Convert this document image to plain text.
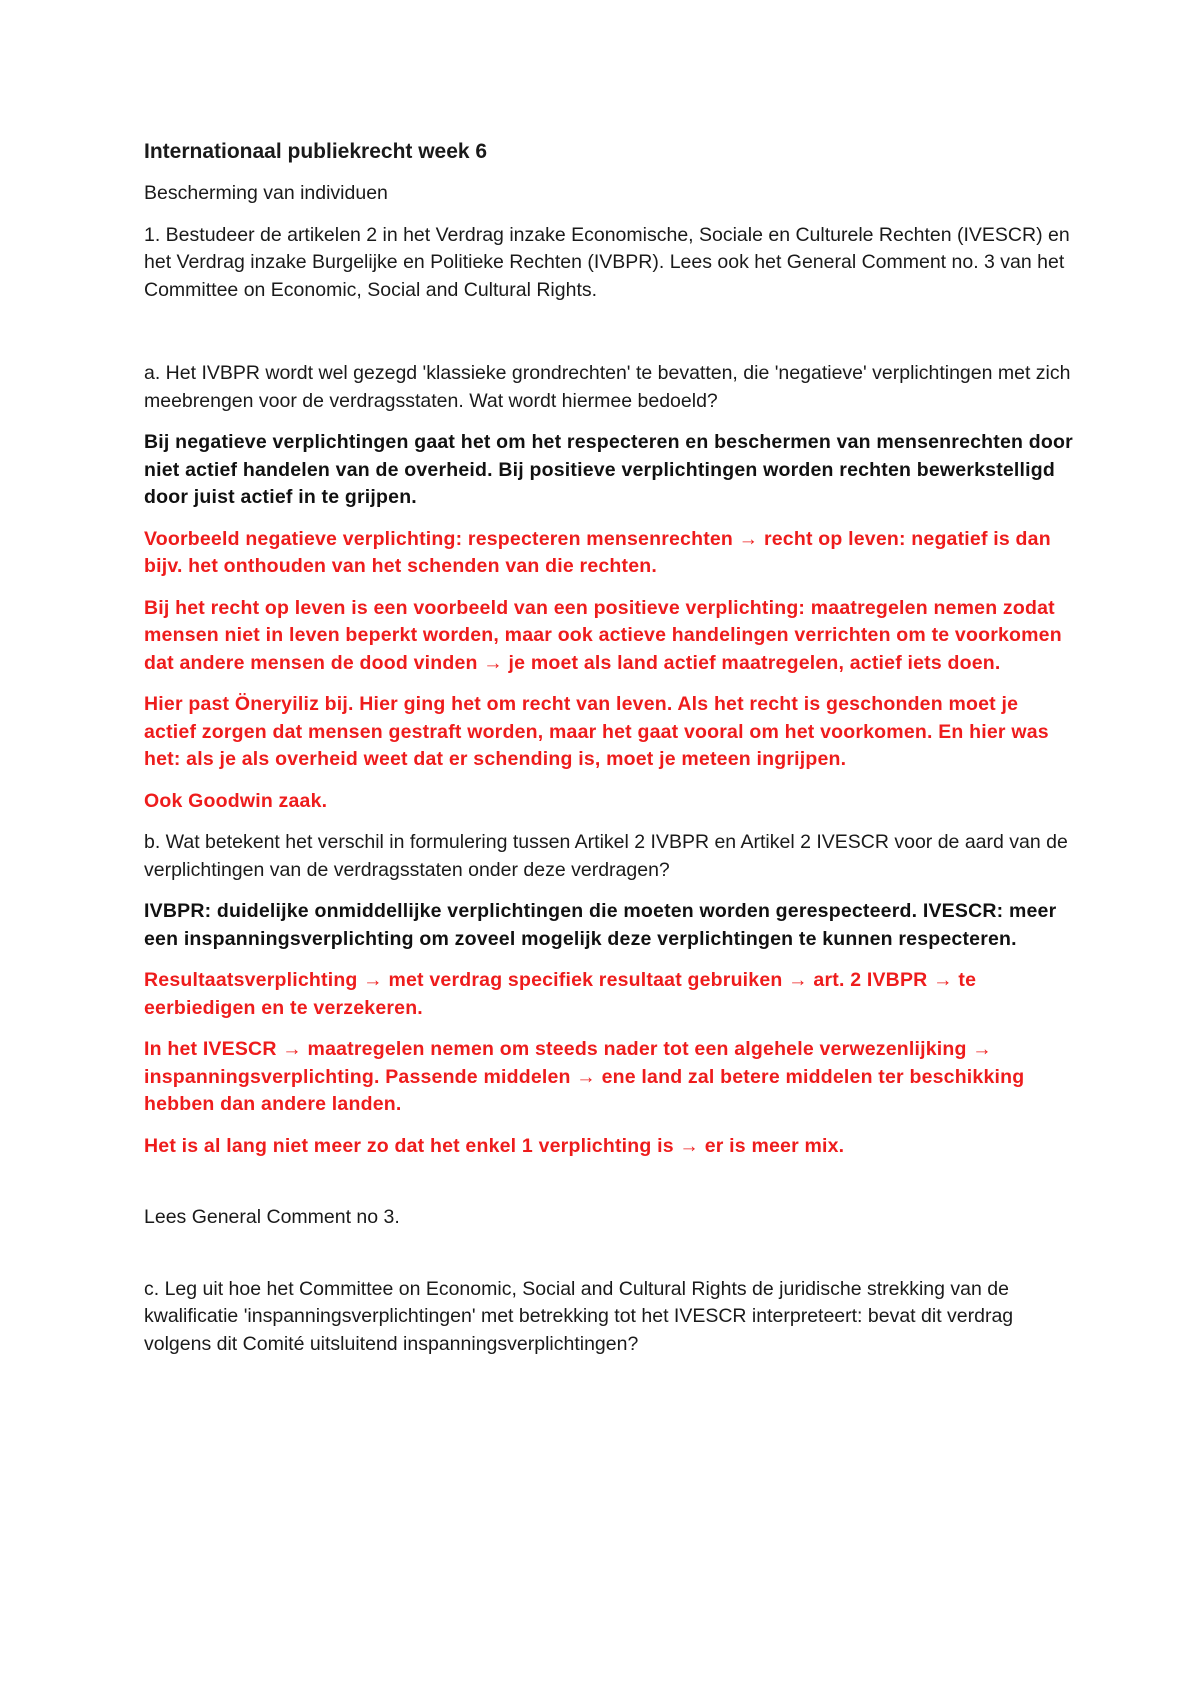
Internationaal publiekrecht week 6

Bescherming van individuen

1. Bestudeer de artikelen 2 in het Verdrag inzake Economische, Sociale en Culturele Rechten (IVESCR) en het Verdrag inzake Burgelijke en Politieke Rechten (IVBPR). Lees ook het General Comment no. 3 van het Committee on Economic, Social and Cultural Rights.

a. Het IVBPR wordt wel gezegd 'klassieke grondrechten' te bevatten, die 'negatieve' verplichtingen met zich meebrengen voor de verdragsstaten. Wat wordt hiermee bedoeld?

Bij negatieve verplichtingen gaat het om het respecteren en beschermen van mensenrechten door niet actief handelen van de overheid. Bij positieve verplichtingen worden rechten bewerkstelligd door juist actief in te grijpen.

Voorbeeld negatieve verplichting: respecteren mensenrechten → recht op leven: negatief is dan bijv. het onthouden van het schenden van die rechten.

Bij het recht op leven is een voorbeeld van een positieve verplichting: maatregelen nemen zodat mensen niet in leven beperkt worden, maar ook actieve handelingen verrichten om te voorkomen dat andere mensen de dood vinden → je moet als land actief maatregelen, actief iets doen.

Hier past Öneryiliz bij. Hier ging het om recht van leven. Als het recht is geschonden moet je actief zorgen dat mensen gestraft worden, maar het gaat vooral om het voorkomen. En hier was het: als je als overheid weet dat er schending is, moet je meteen ingrijpen.

Ook Goodwin zaak.

b. Wat betekent het verschil in formulering tussen Artikel 2 IVBPR en Artikel 2 IVESCR voor de aard van de verplichtingen van de verdragsstaten onder deze verdragen?

IVBPR: duidelijke onmiddellijke verplichtingen die moeten worden gerespecteerd. IVESCR: meer een inspanningsverplichting om zoveel mogelijk deze verplichtingen te kunnen respecteren.

Resultaatsverplichting → met verdrag specifiek resultaat gebruiken → art. 2 IVBPR → te eerbiedigen en te verzekeren.

In het IVESCR → maatregelen nemen om steeds nader tot een algehele verwezenlijking → inspanningsverplichting. Passende middelen → ene land zal betere middelen ter beschikking hebben dan andere landen.

Het is al lang niet meer zo dat het enkel 1 verplichting is → er is meer mix.

Lees General Comment no 3.

c. Leg uit hoe het Committee on Economic, Social and Cultural Rights de juridische strekking van de kwalificatie 'inspanningsverplichtingen' met betrekking tot het IVESCR interpreteert: bevat dit verdrag volgens dit Comité uitsluitend inspanningsverplichtingen?
